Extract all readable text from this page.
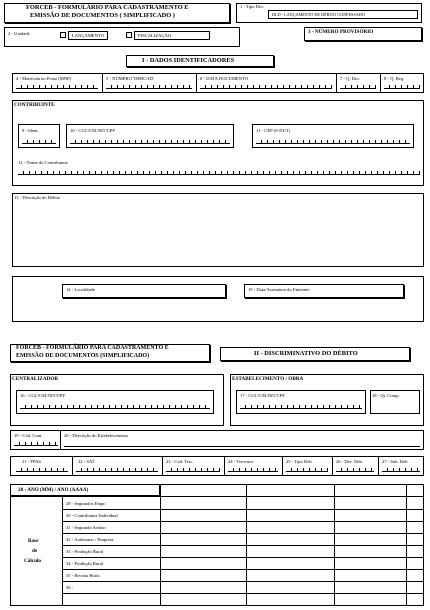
FORCEB - FORMULÁRIO PARA CADASTRAMENTO E
EMISSÃO DE DOCUMENTOS ( SIMPLIFICADO )
1 - Tipo Doc.
DLD - LANÇAMENTO DE DÉBITO CONFESSADO
2 - Unidade	LANÇAMENTO	FISCALIZAÇÃO
3 - NÚMERO PROVISÓRIO
I - DADOS IDENTIFICADORES
4 - Matrícula no Posto (MNP)	5 - NÚMERO 'DEBCAD'	6 - DATA DOCUMENTO	7 - Q. Doc.	8 - Q. Reg.
CONTRIBUINTE
9 - Ident.	10 - CGC/CEI/NIT/CPF	11 - CEP (S-DUT)
12 - Nome do Contribuinte
13 - Descrição do Débito
14 - Localidade	15 - Data/Assinatura do Emitente
FORCEB - FORMULÁRIO PARA CADASTRAMENTO E
EMISSÃO DE DOCUMENTOS (SIMPLIFICADO)	II - DISCRIMINATIVO DO DÉBITO
CENTRALIZADOR
16 - CGC/CEI/NIT/CPF
ESTABELECIMENTO / OBRA
17 - CGC/CEI/NIT/CPF	18 - Qt. Comp.
19 - Cód. Cont.	20 - Descrição do Estabelecimento
21 - FPAS	22 - SAT	23 - Cód. Terc.	24 - Terceiros	25 - Tipo Deb.	26 - Dec. Deb.	27 - Sub. Deb.
28 - ANO (MM) / ANO (AAAA)
Base
de
Cálculo
29 - Segurados Empr.
30 - Contribuinte Individual
31 - Segurado Avulso
32 - Autônomo / Empresa
33 - Produção Rural
34 - Produção Rural
35 - Receita Bruta
36 -
